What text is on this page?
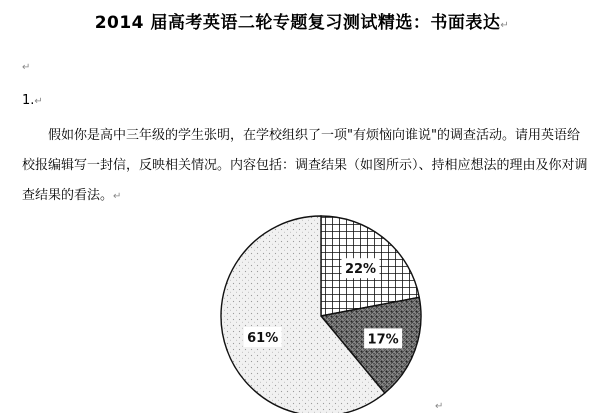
2014 届高考英语二轮专题复习测试精选：书面表达↵
↵
1.↵
假如你是高中三年级的学生张明，在学校组织了一项"有烦恼向谁说"的调查活动。请用英语给校报编辑写一封信，反映相关情况。内容包括：调查结果（如图所示）、持相应想法的理由及你对调查结果的看法。↵
22%
17%
61%
↵
